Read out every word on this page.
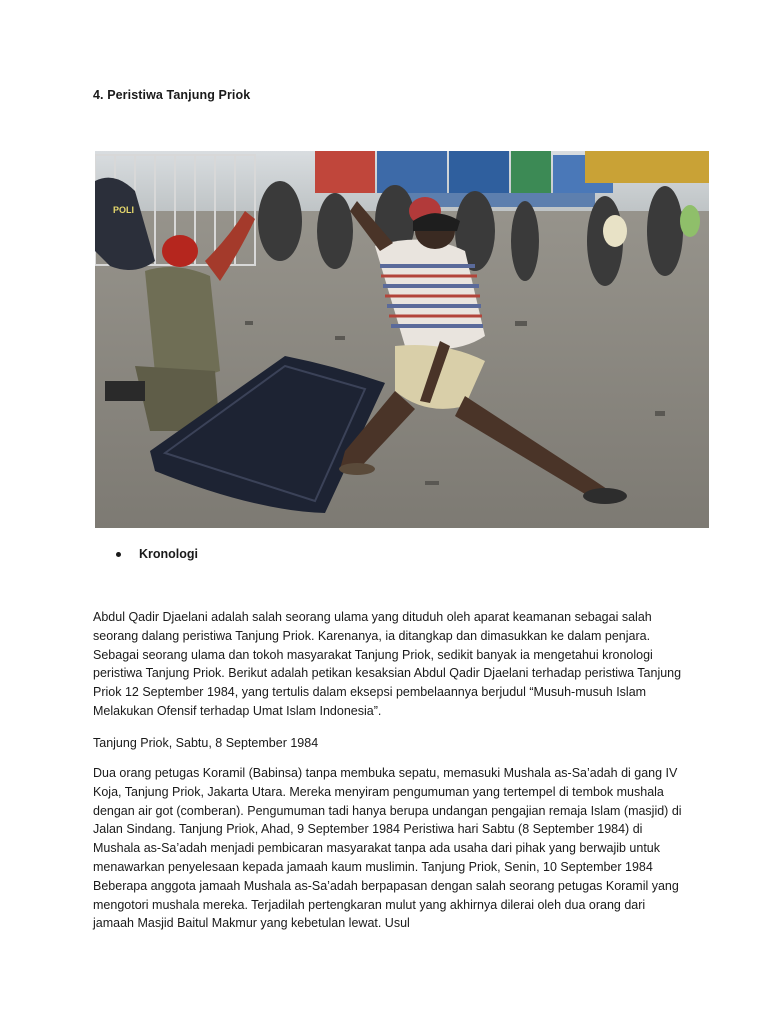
4. Peristiwa Tanjung Priok
POLI
Kronologi

Abdul Qadir Djaelani adalah salah seorang ulama yang dituduh oleh aparat keamanan sebagai salah seorang dalang peristiwa Tanjung Priok. Karenanya, ia ditangkap dan dimasukkan ke dalam penjara. Sebagai seorang ulama dan tokoh masyarakat Tanjung Priok, sedikit banyak ia mengetahui kronologi peristiwa Tanjung Priok. Berikut adalah petikan kesaksian Abdul Qadir Djaelani terhadap peristiwa Tanjung Priok 12 September 1984, yang tertulis dalam eksepsi pembelaannya berjudul “Musuh-musuh Islam Melakukan Ofensif terhadap Umat Islam Indonesia”.

Tanjung Priok, Sabtu, 8 September 1984

Dua orang petugas Koramil (Babinsa) tanpa membuka sepatu, memasuki Mushala as-Sa’adah di gang IV Koja, Tanjung Priok, Jakarta Utara. Mereka menyiram pengumuman yang tertempel di tembok mushala dengan air got (comberan). Pengumuman tadi hanya berupa undangan pengajian remaja Islam (masjid) di Jalan Sindang. Tanjung Priok, Ahad, 9 September 1984 Peristiwa hari Sabtu (8 September 1984) di Mushala as-Sa’adah menjadi pembicaran masyarakat tanpa ada usaha dari pihak yang berwajib untuk menawarkan penyelesaan kepada jamaah kaum muslimin. Tanjung Priok, Senin, 10 September 1984 Beberapa anggota jamaah Mushala as-Sa’adah berpapasan dengan salah seorang petugas Koramil yang mengotori mushala mereka. Terjadilah pertengkaran mulut yang akhirnya dilerai oleh dua orang dari jamaah Masjid Baitul Makmur yang kebetulan lewat. Usul
